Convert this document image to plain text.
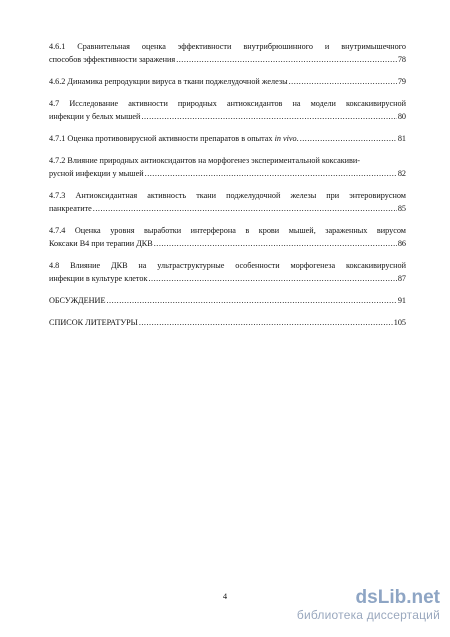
4.6.1 Сравнительная оценка эффективности внутрибрюшинного и внутримышечного
способов эффективности заражения .....	78
4.6.2 Динамика репродукции вируса в ткани поджелудочной железы .....	79
4.7 Исследование активности природных антиоксидантов на модели коксакивирусной
инфекции у белых мышей .....	80
4.7.1 Оценка противовирусной активности препаратов в опытах in vivo. .....	81
4.7.2 Влияние природных антиоксидантов на морфогенез экспериментальной коксакиви-
русной инфекции у мышей .....	82
4.7.3 Антиоксидантная активность ткани поджелудочной железы при энтеровирусном
панкреатите .....	85
4.7.4 Оценка уровня выработки интерферона в крови мышей, зараженных вирусом
Коксаки В4 при терапии ДКВ .....	86
4.8 Влияние ДКВ на ультраструктурные особенности морфогенеза коксакивирусной
инфекции в культуре клеток .....	87
ОБСУЖДЕНИЕ .....	91
СПИСОК ЛИТЕРАТУРЫ .....	105
4	dsLib.net
библиотека диссертаций
